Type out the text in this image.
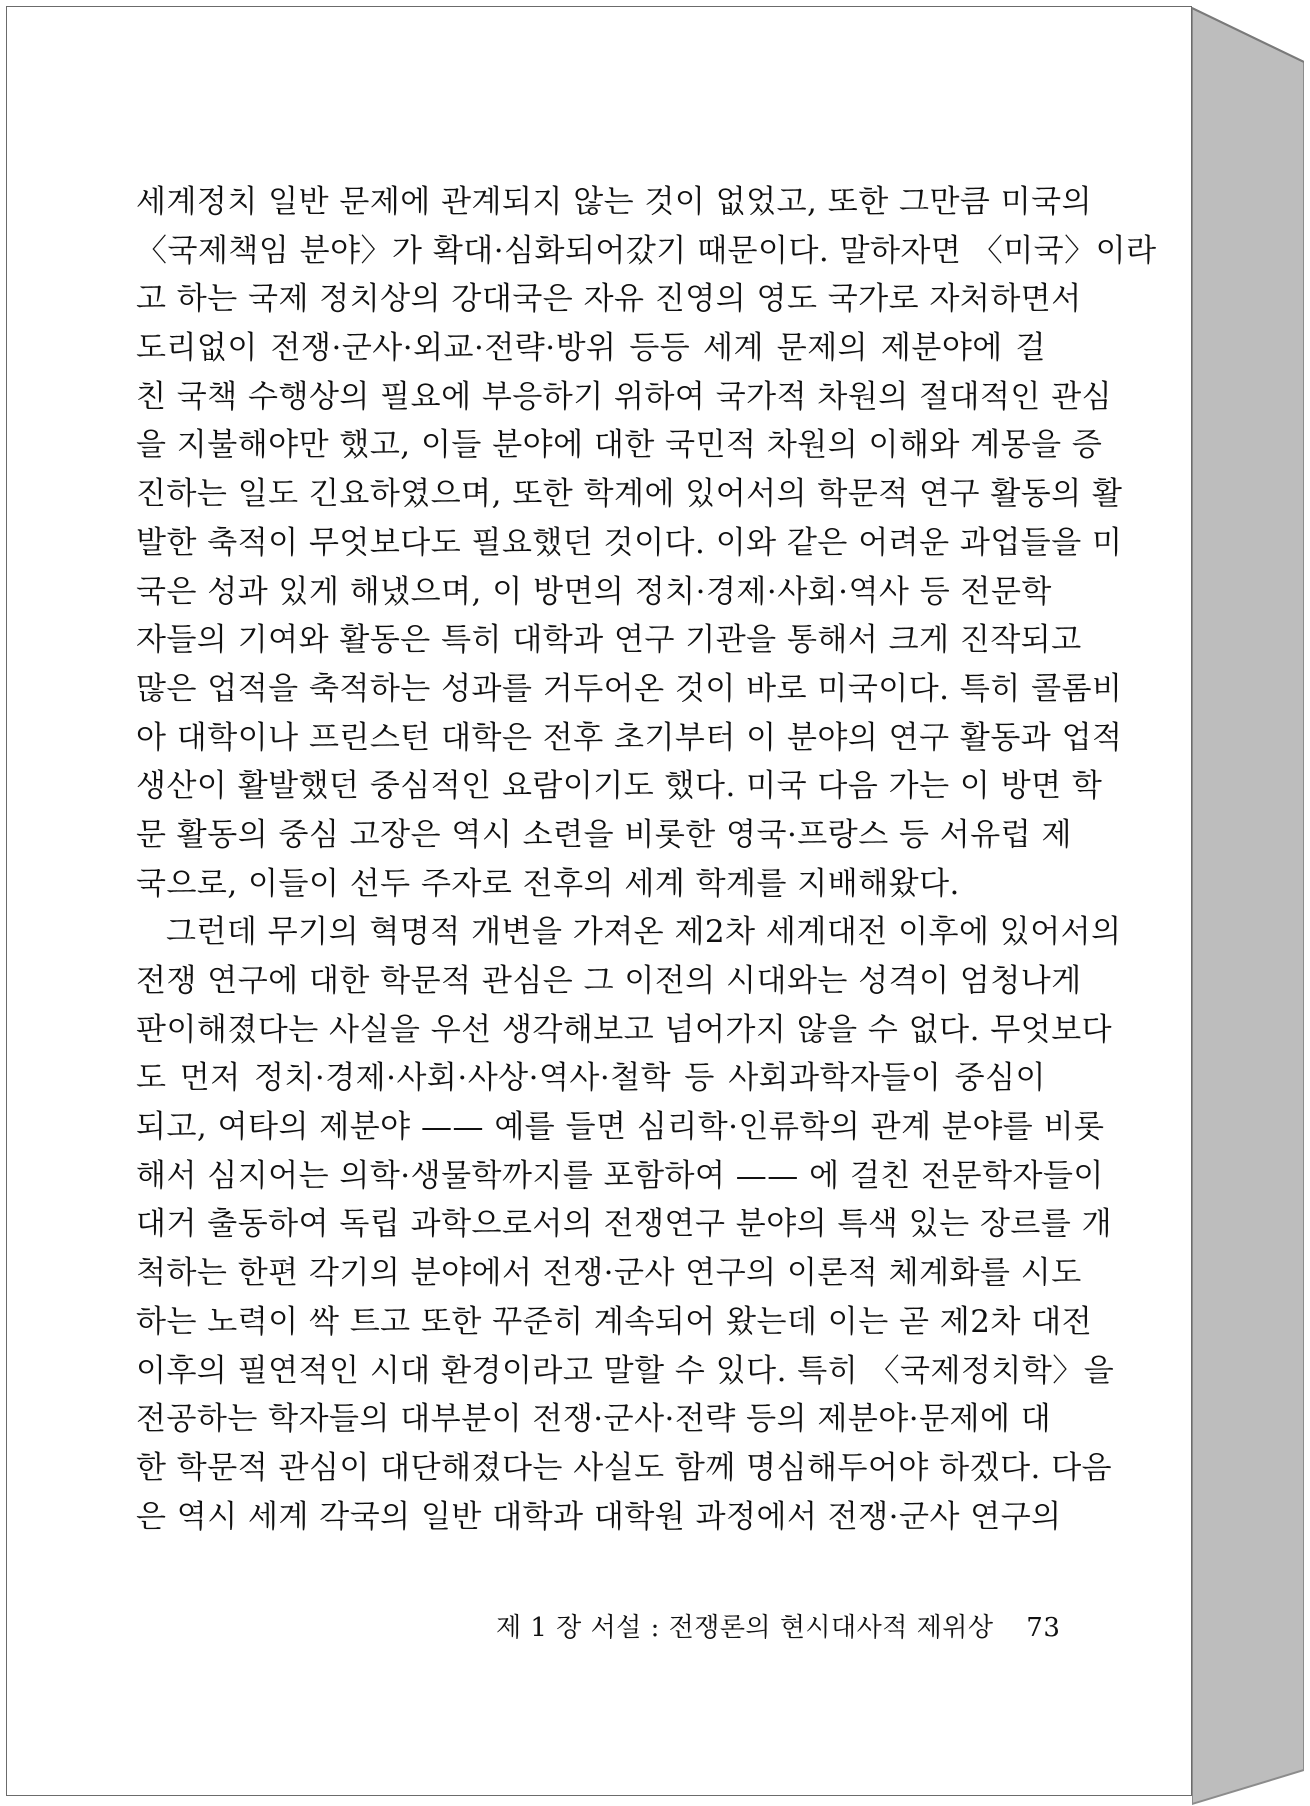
세계정치 일반 문제에 관계되지 않는 것이 없었고, 또한 그만큼 미국의
〈국제책임 분야〉가 확대·심화되어갔기 때문이다. 말하자면 〈미국〉이라
고 하는 국제 정치상의 강대국은 자유 진영의 영도 국가로 자처하면서
도리없이 전쟁·군사·외교·전략·방위 등등 세계 문제의 제분야에 걸
친 국책 수행상의 필요에 부응하기 위하여 국가적 차원의 절대적인 관심
을 지불해야만 했고, 이들 분야에 대한 국민적 차원의 이해와 계몽을 증
진하는 일도 긴요하였으며, 또한 학계에 있어서의 학문적 연구 활동의 활
발한 축적이 무엇보다도 필요했던 것이다. 이와 같은 어려운 과업들을 미
국은 성과 있게 해냈으며, 이 방면의 정치·경제·사회·역사 등 전문학
자들의 기여와 활동은 특히 대학과 연구 기관을 통해서 크게 진작되고
많은 업적을 축적하는 성과를 거두어온 것이 바로 미국이다. 특히 콜롬비
아 대학이나 프린스턴 대학은 전후 초기부터 이 분야의 연구 활동과 업적
생산이 활발했던 중심적인 요람이기도 했다. 미국 다음 가는 이 방면 학
문 활동의 중심 고장은 역시 소련을 비롯한 영국·프랑스 등 서유럽 제
국으로, 이들이 선두 주자로 전후의 세계 학계를 지배해왔다.
그런데 무기의 혁명적 개변을 가져온 제2차 세계대전 이후에 있어서의
전쟁 연구에 대한 학문적 관심은 그 이전의 시대와는 성격이 엄청나게
판이해졌다는 사실을 우선 생각해보고 넘어가지 않을 수 없다. 무엇보다
도 먼저 정치·경제·사회·사상·역사·철학 등 사회과학자들이 중심이
되고, 여타의 제분야 —— 예를 들면 심리학·인류학의 관계 분야를 비롯
해서 심지어는 의학·생물학까지를 포함하여 —— 에 걸친 전문학자들이
대거 출동하여 독립 과학으로서의 전쟁연구 분야의 특색 있는 장르를 개
척하는 한편 각기의 분야에서 전쟁·군사 연구의 이론적 체계화를 시도
하는 노력이 싹 트고 또한 꾸준히 계속되어 왔는데 이는 곧 제2차 대전
이후의 필연적인 시대 환경이라고 말할 수 있다. 특히 〈국제정치학〉을
전공하는 학자들의 대부분이 전쟁·군사·전략 등의 제분야·문제에 대
한 학문적 관심이 대단해졌다는 사실도 함께 명심해두어야 하겠다. 다음
은 역시 세계 각국의 일반 대학과 대학원 과정에서 전쟁·군사 연구의
제 1 장 서설 : 전쟁론의 현시대사적 제위상 73
